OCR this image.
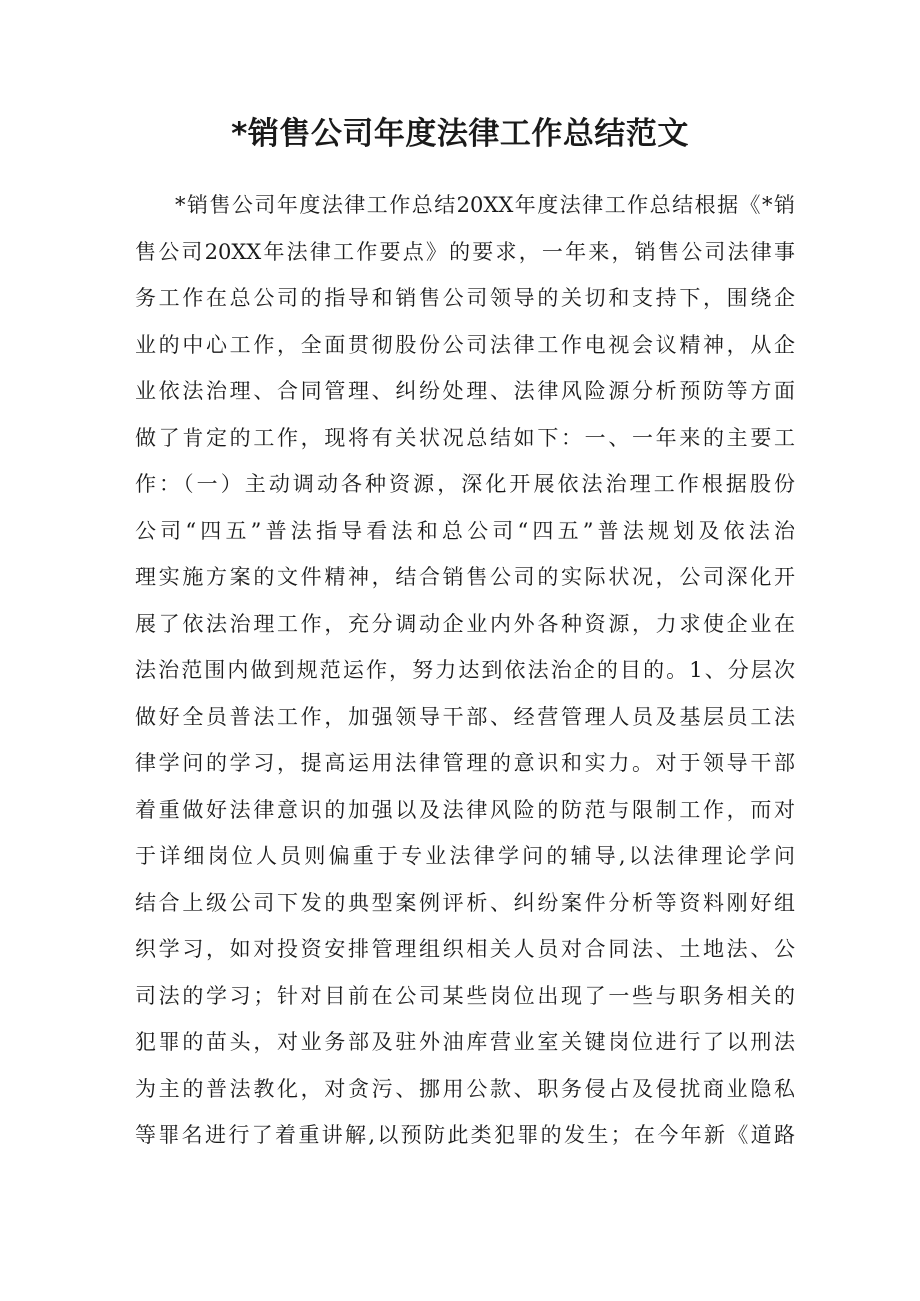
*销售公司年度法律工作总结范文
*销售公司年度法律工作总结20XX年度法律工作总结根据《*销
售公司20XX年法律工作要点》的要求，一年来，销售公司法律事
务工作在总公司的指导和销售公司领导的关切和支持下，围绕企
业的中心工作，全面贯彻股份公司法律工作电视会议精神，从企
业依法治理、合同管理、纠纷处理、法律风险源分析预防等方面
做了肯定的工作，现将有关状况总结如下：一、一年来的主要工
作：（一）主动调动各种资源，深化开展依法治理工作根据股份
公司“四五”普法指导看法和总公司“四五”普法规划及依法治
理实施方案的文件精神，结合销售公司的实际状况，公司深化开
展了依法治理工作，充分调动企业内外各种资源，力求使企业在
法治范围内做到规范运作，努力达到依法治企的目的。1、分层次
做好全员普法工作，加强领导干部、经营管理人员及基层员工法
律学问的学习，提高运用法律管理的意识和实力。对于领导干部
着重做好法律意识的加强以及法律风险的防范与限制工作，而对
于详细岗位人员则偏重于专业法律学问的辅导,以法律理论学问
结合上级公司下发的典型案例评析、纠纷案件分析等资料刚好组
织学习，如对投资安排管理组织相关人员对合同法、土地法、公
司法的学习；针对目前在公司某些岗位出现了一些与职务相关的
犯罪的苗头，对业务部及驻外油库营业室关键岗位进行了以刑法
为主的普法教化，对贪污、挪用公款、职务侵占及侵扰商业隐私
等罪名进行了着重讲解,以预防此类犯罪的发生；在今年新《道路
